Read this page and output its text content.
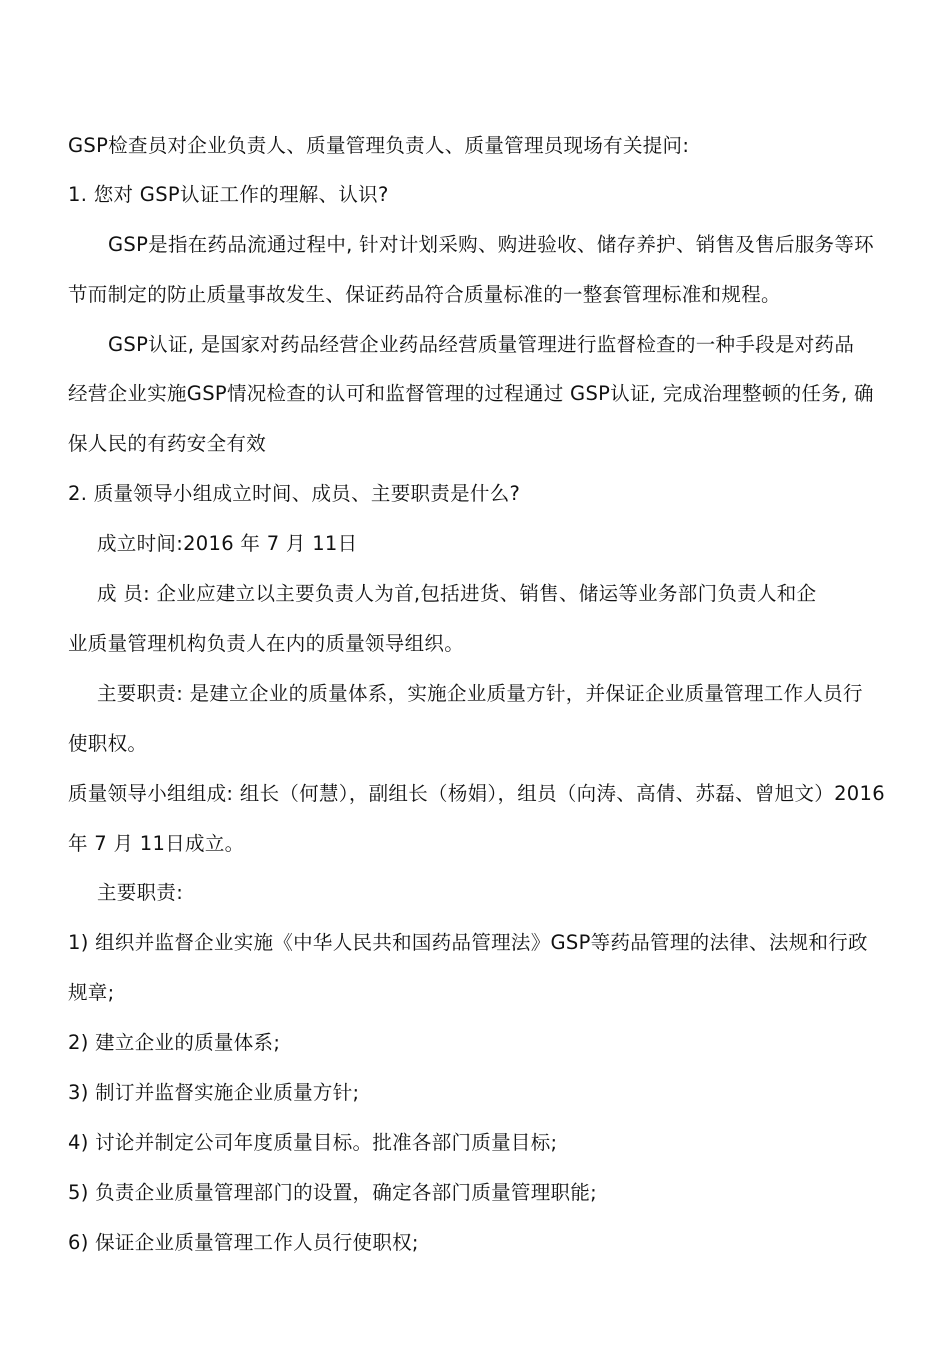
GSP检查员对企业负责人、质量管理负责人、质量管理员现场有关提问:
1. 您对 GSP认证工作的理解、认识?
GSP是指在药品流通过程中, 针对计划采购、购进验收、储存养护、销售及售后服务等环
节而制定的防止质量事故发生、保证药品符合质量标准的一整套管理标准和规程。
GSP认证, 是国家对药品经营企业药品经营质量管理进行监督检查的一种手段是对药品
经营企业实施GSP情况检查的认可和监督管理的过程通过 GSP认证, 完成治理整顿的任务, 确
保人民的有药安全有效
2. 质量领导小组成立时间、成员、主要职责是什么?
成立时间:2016 年 7 月 11日
成 员: 企业应建立以主要负责人为首,包括进货、销售、储运等业务部门负责人和企
业质量管理机构负责人在内的质量领导组织。
主要职责: 是建立企业的质量体系，实施企业质量方针，并保证企业质量管理工作人员行
使职权。
质量领导小组组成: 组长（何慧），副组长（杨娟），组员（向涛、高倩、苏磊、曾旭文）2016
年 7 月 11日成立。
主要职责:
1) 组织并监督企业实施《中华人民共和国药品管理法》GSP等药品管理的法律、法规和行政
规章;
2) 建立企业的质量体系;
3) 制订并监督实施企业质量方针;
4) 讨论并制定公司年度质量目标。批准各部门质量目标;
5) 负责企业质量管理部门的设置，确定各部门质量管理职能;
6) 保证企业质量管理工作人员行使职权;
